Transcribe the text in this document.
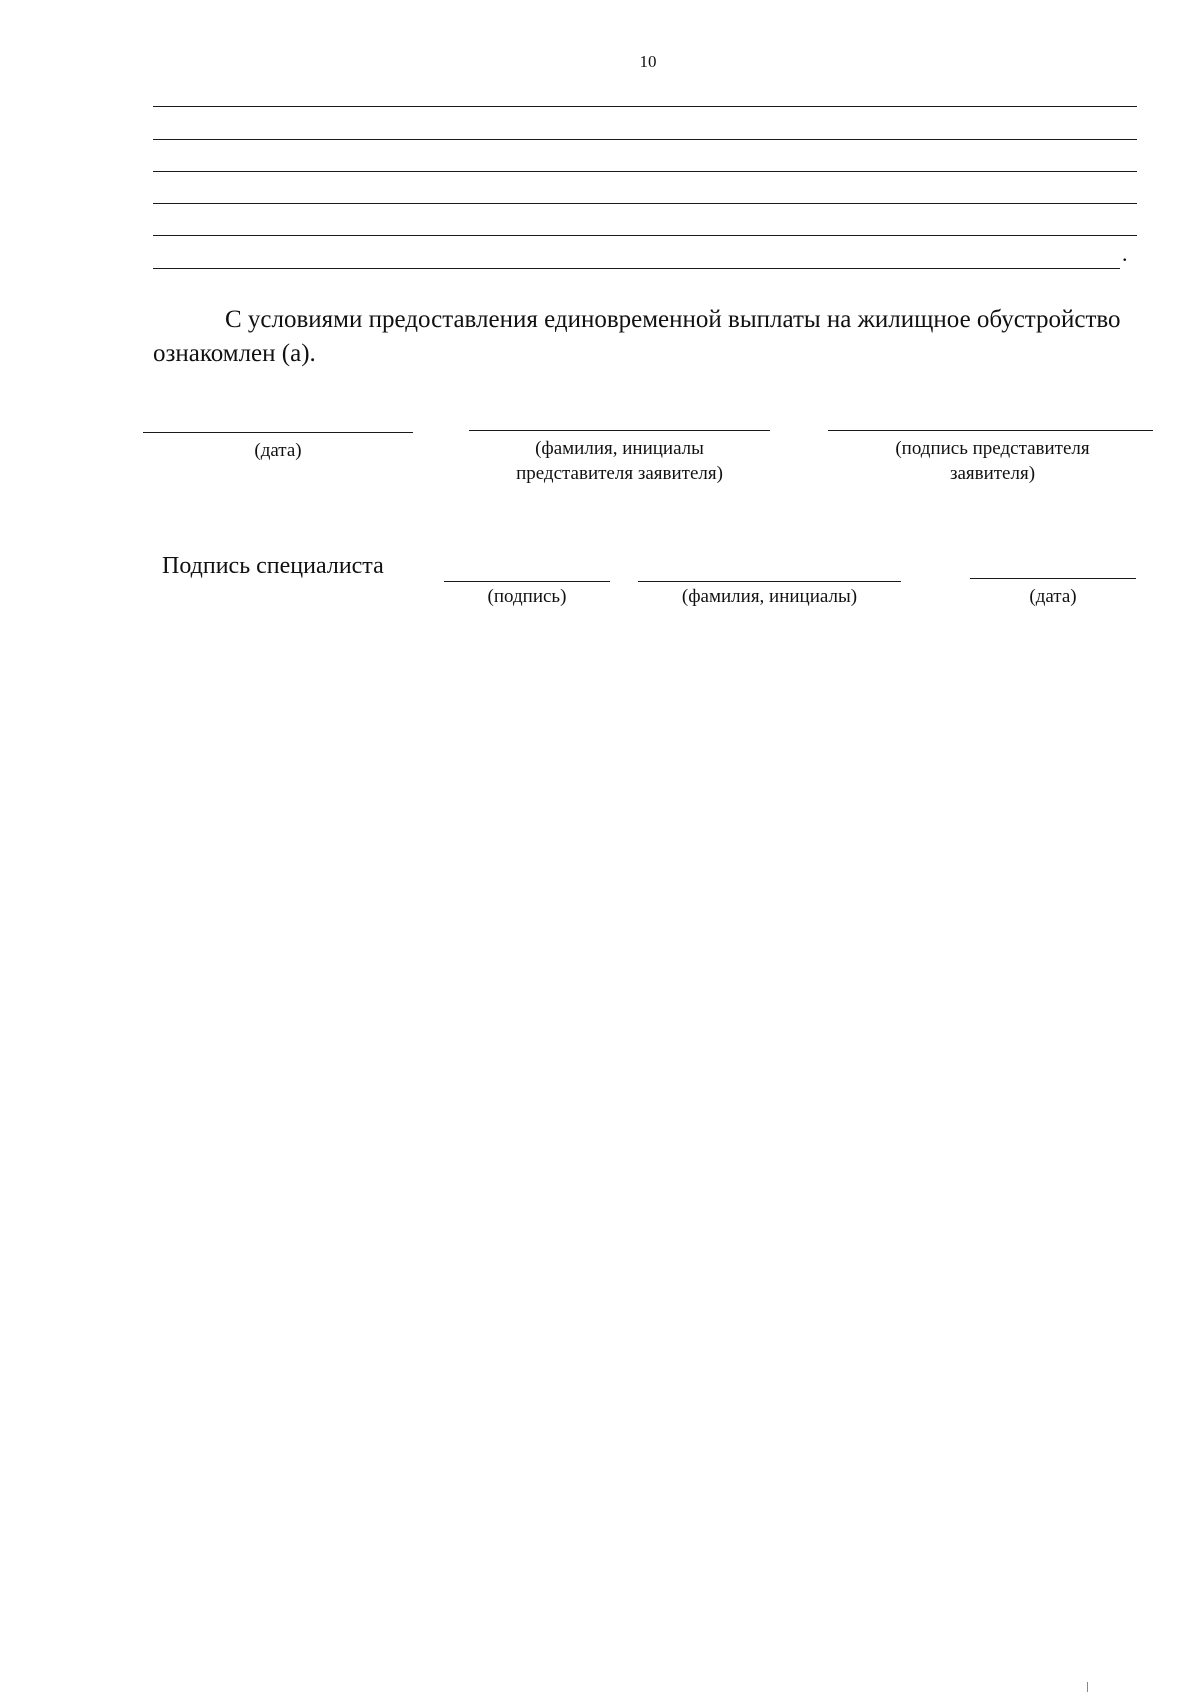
10
.
С условиями предоставления единовременной выплаты на жилищное обустройство ознакомлен (а).
(дата)	(фамилия, инициалы
представителя заявителя)
(подпись представителя
заявителя)
Подпись специалиста
(подпись)	(фамилия, инициалы)	(дата)
